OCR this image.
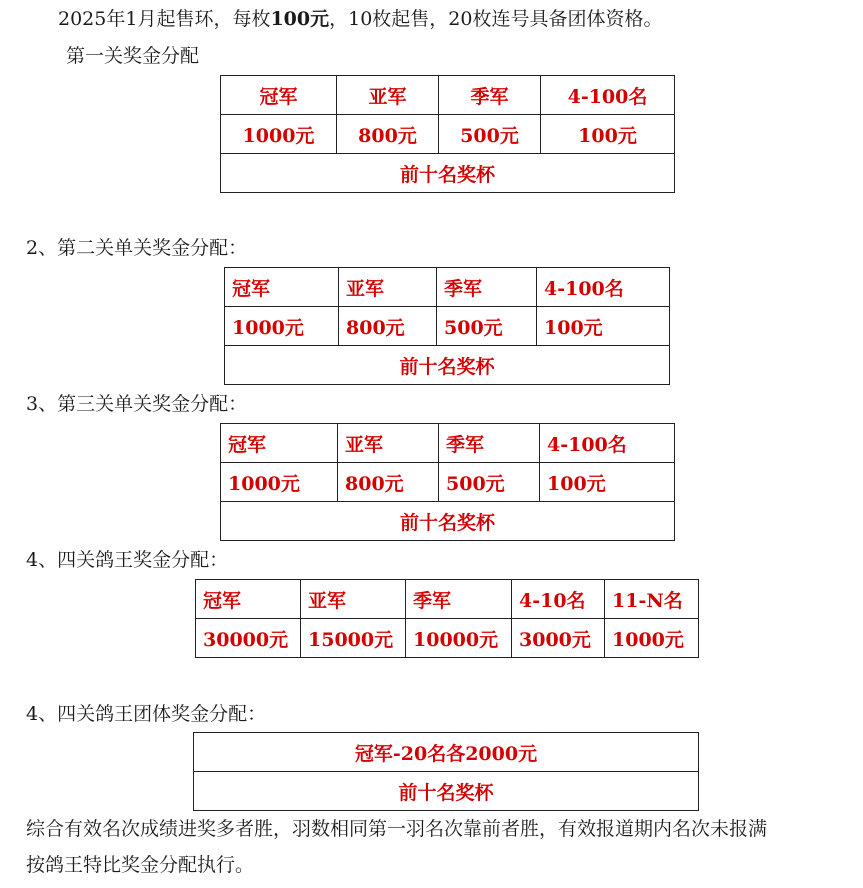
2025年1月起售环，每枚100元，10枚起售，20枚连号具备团体资格。
第一关奖金分配
冠军	亚军	季军	4-100名
1000元	800元	500元	100元
前十名奖杯			
2、第二关单关奖金分配：
冠军	亚军	季军	4-100名
1000元	800元	500元	100元
前十名奖杯			
3、第三关单关奖金分配：
冠军	亚军	季军	4-100名
1000元	800元	500元	100元
前十名奖杯			
4、四关鸽王奖金分配：
冠军	亚军	季军	4-10名	11-N名
30000元	15000元	10000元	3000元	1000元
4、四关鸽王团体奖金分配：
冠军-20名各2000元
前十名奖杯
综合有效名次成绩进奖多者胜，羽数相同第一羽名次靠前者胜，有效报道期内名次未报满
按鸽王特比奖金分配执行。
